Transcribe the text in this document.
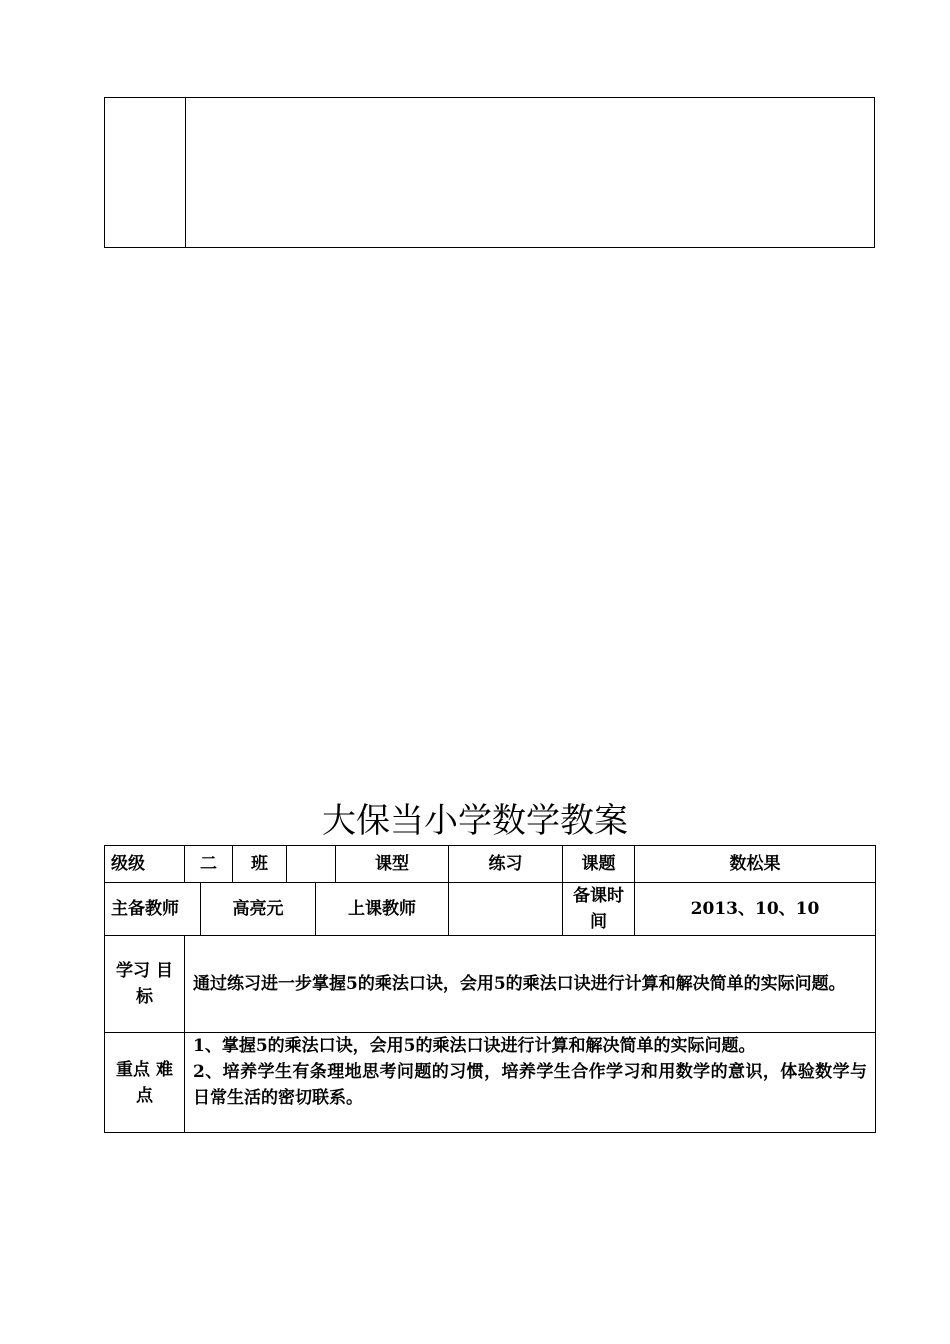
大保当小学数学教案
级级	二		班			课型	练习	课题	数松果
主备教师		高亮元			上课教师			备课时间	2013、10、10
学习 目 标	通过练习进一步掌握5的乘法口诀，会用5的乘法口诀进行计算和解决简单的实际问题。								
重点 难 点	1、掌握5的乘法口诀，会用5的乘法口诀进行计算和解决简单的实际问题。
2、培养学生有条理地思考问题的习惯，培养学生合作学习和用数学的意识，体验数学与日常生活的密切联系。								
